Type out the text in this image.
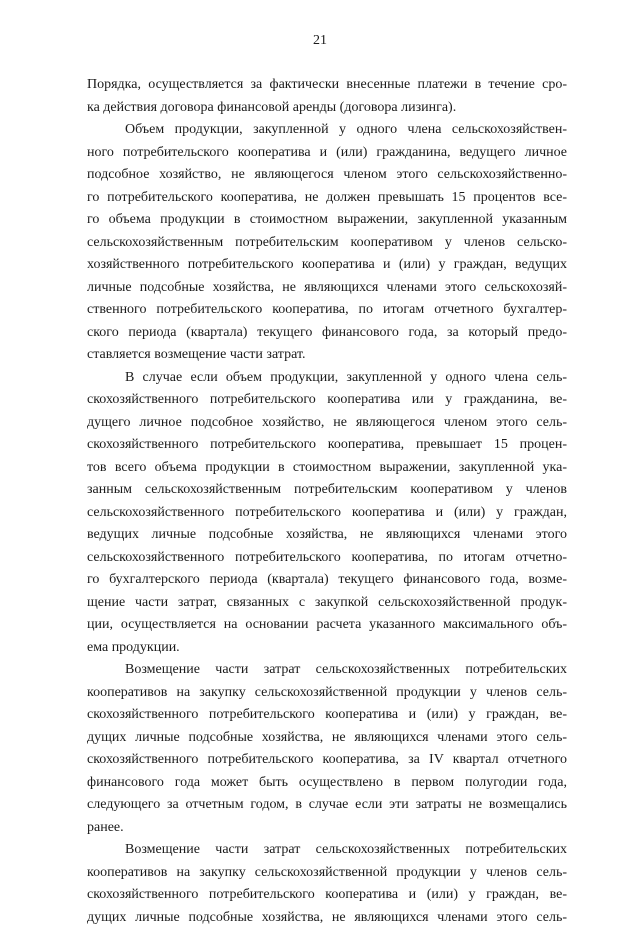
21
Порядка, осуществляется за фактически внесенные платежи в течение сро-
ка действия договора финансовой аренды (договора лизинга).
Объем продукции, закупленной у одного члена сельскохозяйствен-
ного потребительского кооператива и (или) гражданина, ведущего личное
подсобное хозяйство, не являющегося членом этого сельскохозяйственно-
го потребительского кооператива, не должен превышать 15 процентов все-
го объема продукции в стоимостном выражении, закупленной указанным
сельскохозяйственным потребительским кооперативом у членов сельско-
хозяйственного потребительского кооператива и (или) у граждан, ведущих
личные подсобные хозяйства, не являющихся членами этого сельскохозяй-
ственного потребительского кооператива, по итогам отчетного бухгалтер-
ского периода (квартала) текущего финансового года, за который предо-
ставляется возмещение части затрат.
В случае если объем продукции, закупленной у одного члена сель-
скохозяйственного потребительского кооператива или у гражданина, ве-
дущего личное подсобное хозяйство, не являющегося членом этого сель-
скохозяйственного потребительского кооператива, превышает 15 процен-
тов всего объема продукции в стоимостном выражении, закупленной ука-
занным сельскохозяйственным потребительским кооперативом у членов
сельскохозяйственного потребительского кооператива и (или) у граждан,
ведущих личные подсобные хозяйства, не являющихся членами этого
сельскохозяйственного потребительского кооператива, по итогам отчетно-
го бухгалтерского периода (квартала) текущего финансового года, возме-
щение части затрат, связанных с закупкой сельскохозяйственной продук-
ции, осуществляется на основании расчета указанного максимального объ-
ема продукции.
Возмещение части затрат сельскохозяйственных потребительских
кооперативов на закупку сельскохозяйственной продукции у членов сель-
скохозяйственного потребительского кооператива и (или) у граждан, ве-
дущих личные подсобные хозяйства, не являющихся членами этого сель-
скохозяйственного потребительского кооператива, за IV квартал отчетного
финансового года может быть осуществлено в первом полугодии года,
следующего за отчетным годом, в случае если эти затраты не возмещались
ранее.
Возмещение части затрат сельскохозяйственных потребительских
кооперативов на закупку сельскохозяйственной продукции у членов сель-
скохозяйственного потребительского кооператива и (или) у граждан, ве-
дущих личные подсобные хозяйства, не являющихся членами этого сель-
